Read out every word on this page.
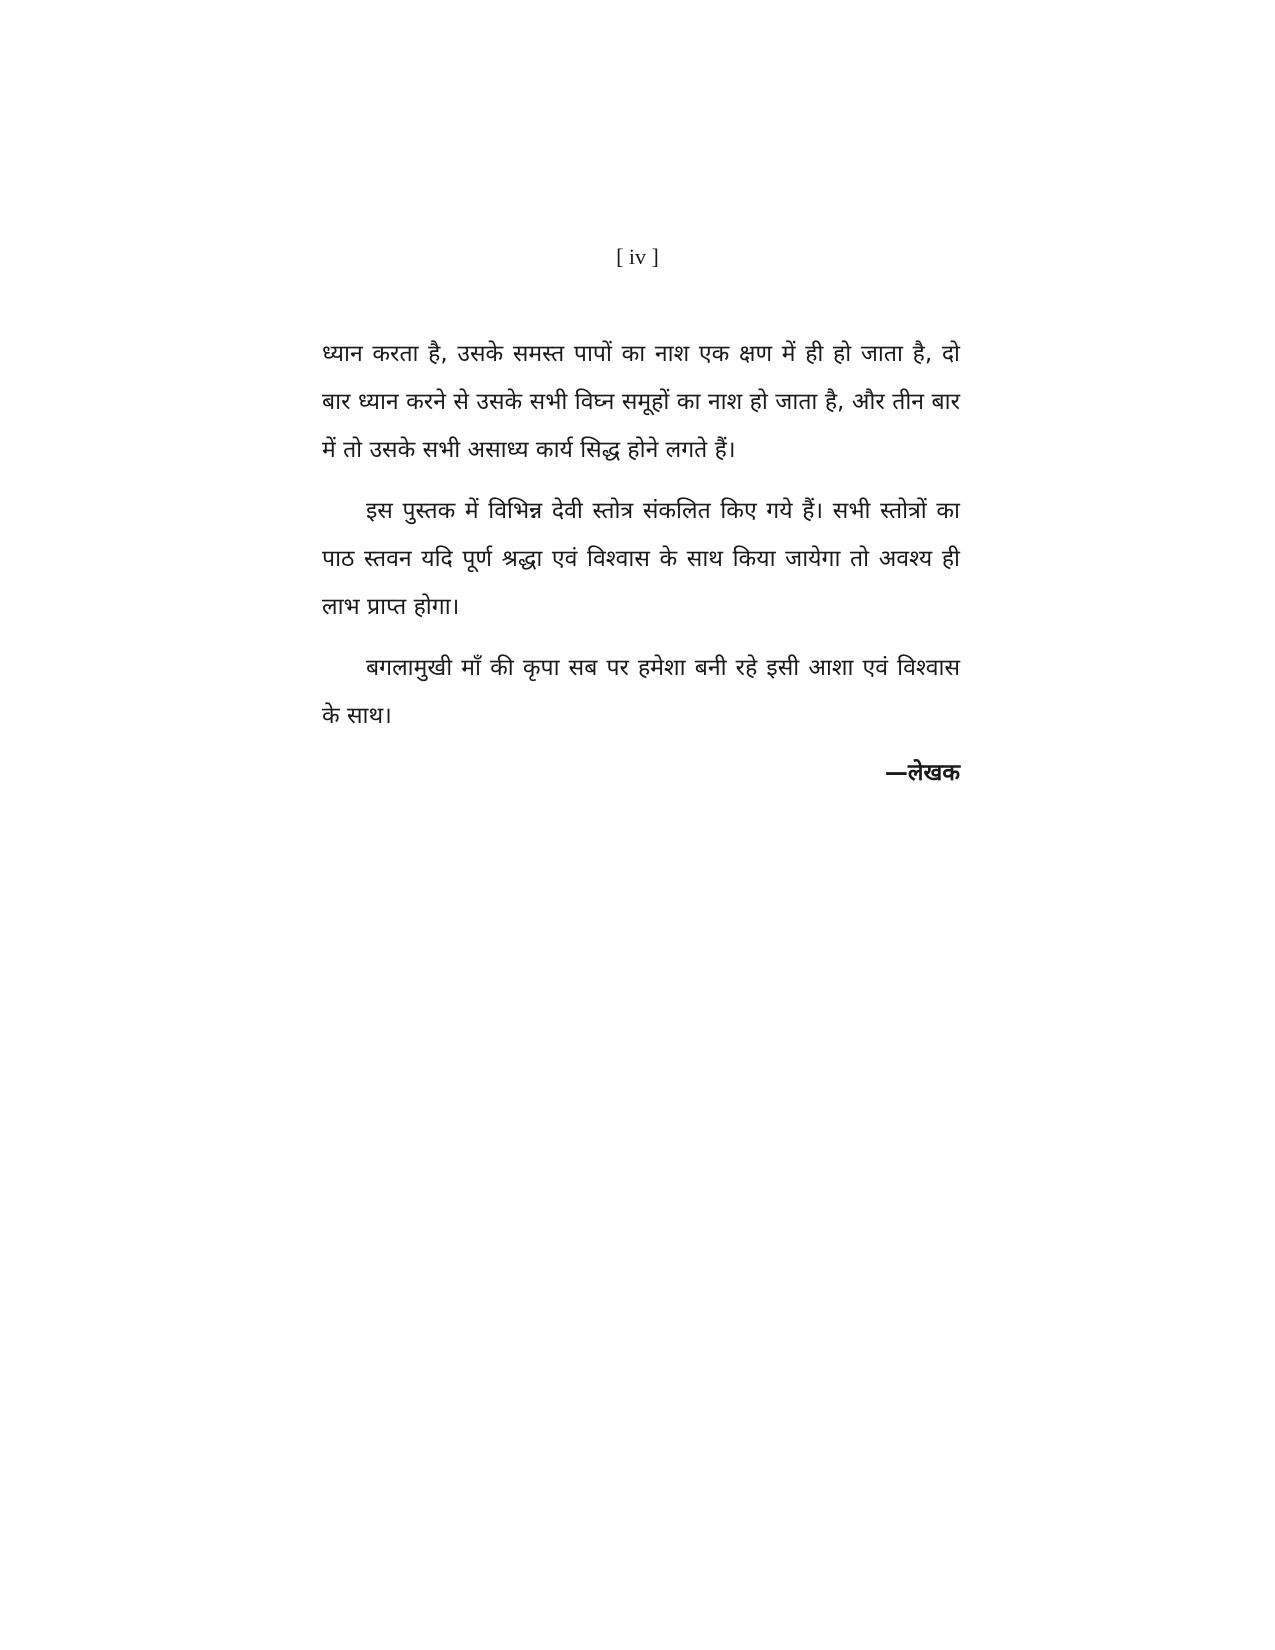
[ iv ]

ध्यान करता है, उसके समस्त पापों का नाश एक क्षण में ही हो जाता है, दो बार ध्यान करने से उसके सभी विघ्न समूहों का नाश हो जाता है, और तीन बार में तो उसके सभी असाध्य कार्य सिद्ध होने लगते हैं।

इस पुस्तक में विभिन्न देवी स्तोत्र संकलित किए गये हैं। सभी स्तोत्रों का पाठ स्तवन यदि पूर्ण श्रद्धा एवं विश्वास के साथ किया जायेगा तो अवश्य ही लाभ प्राप्त होगा।

बगलामुखी माँ की कृपा सब पर हमेशा बनी रहे इसी आशा एवं विश्वास के साथ।

—लेखक
